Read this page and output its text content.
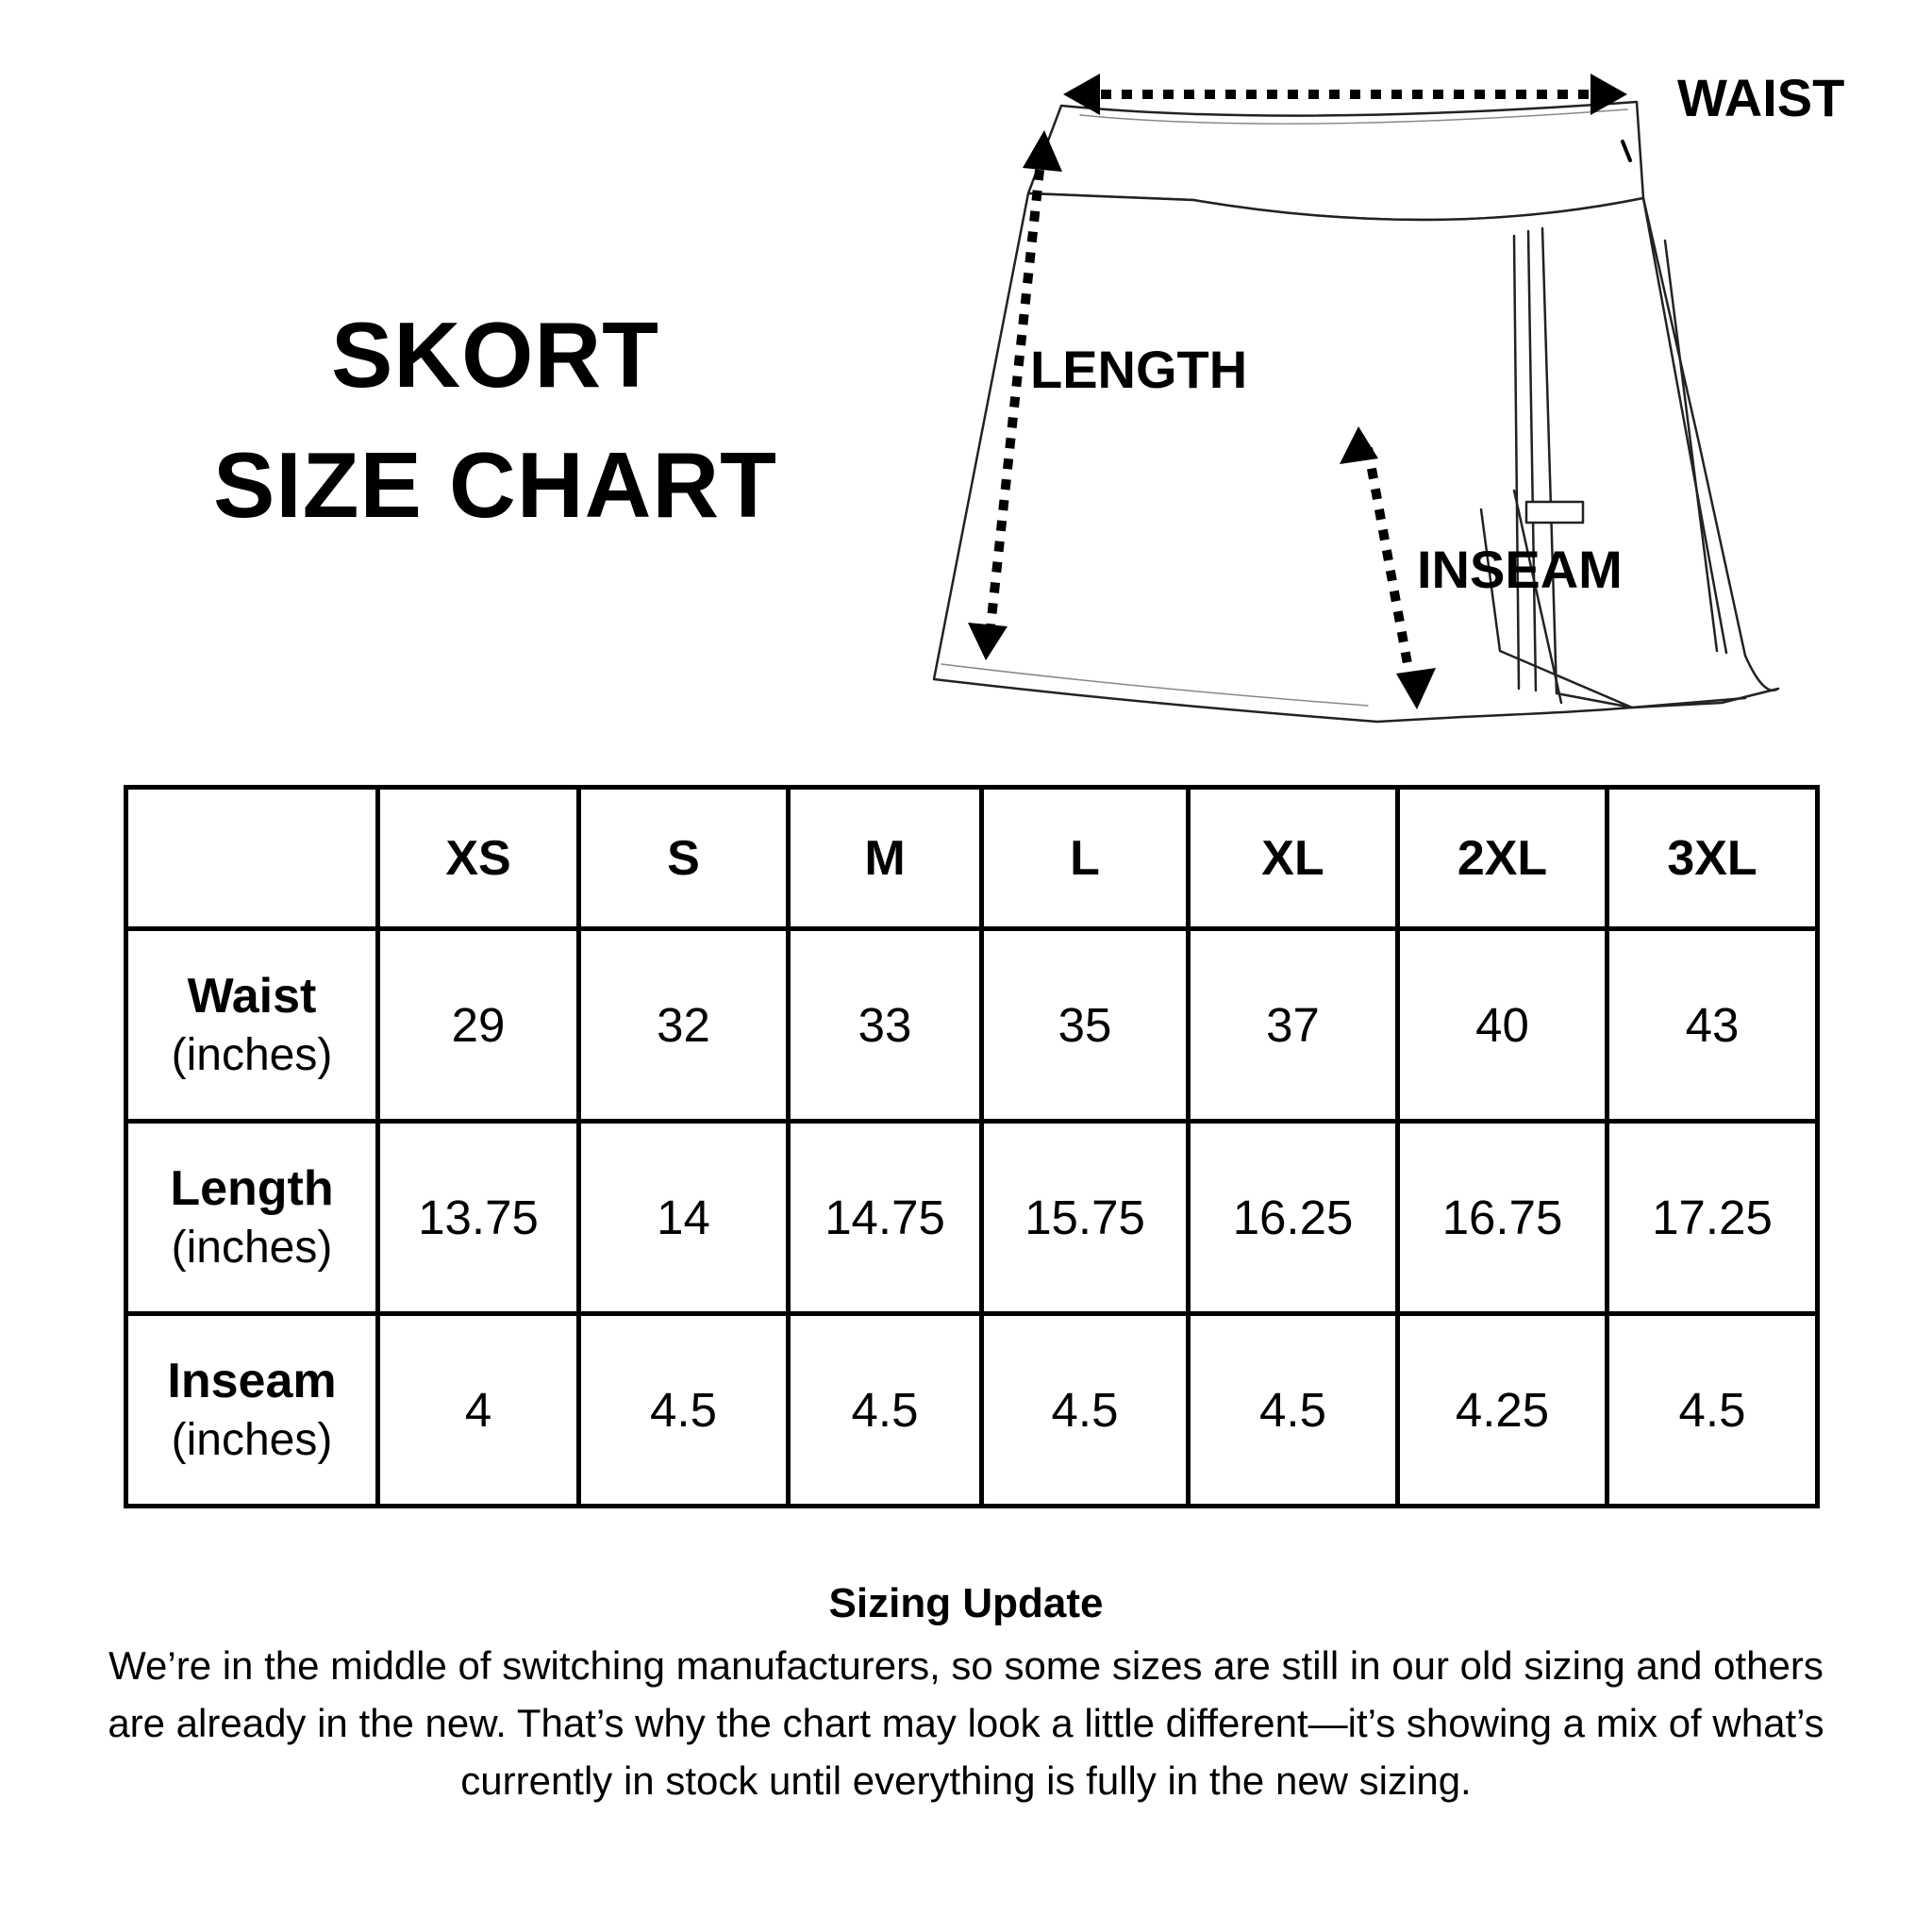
SKORT
SIZE CHART
WAIST
LENGTH
INSEAM
	XS	S	M	L	XL	2XL	3XL

Waist
(inches)	29	32	33	35	37	40	43

Length
(inches)	13.75	14	14.75	15.75	16.25	16.75	17.25

Inseam
(inches)	4	4.5	4.5	4.5	4.5	4.25	4.5
Sizing Update
We’re in the middle of switching manufacturers, so some sizes are still in our old sizing and others are already in the new. That’s why the chart may look a little different—it’s showing a mix of what’s currently in stock until everything is fully in the new sizing.
